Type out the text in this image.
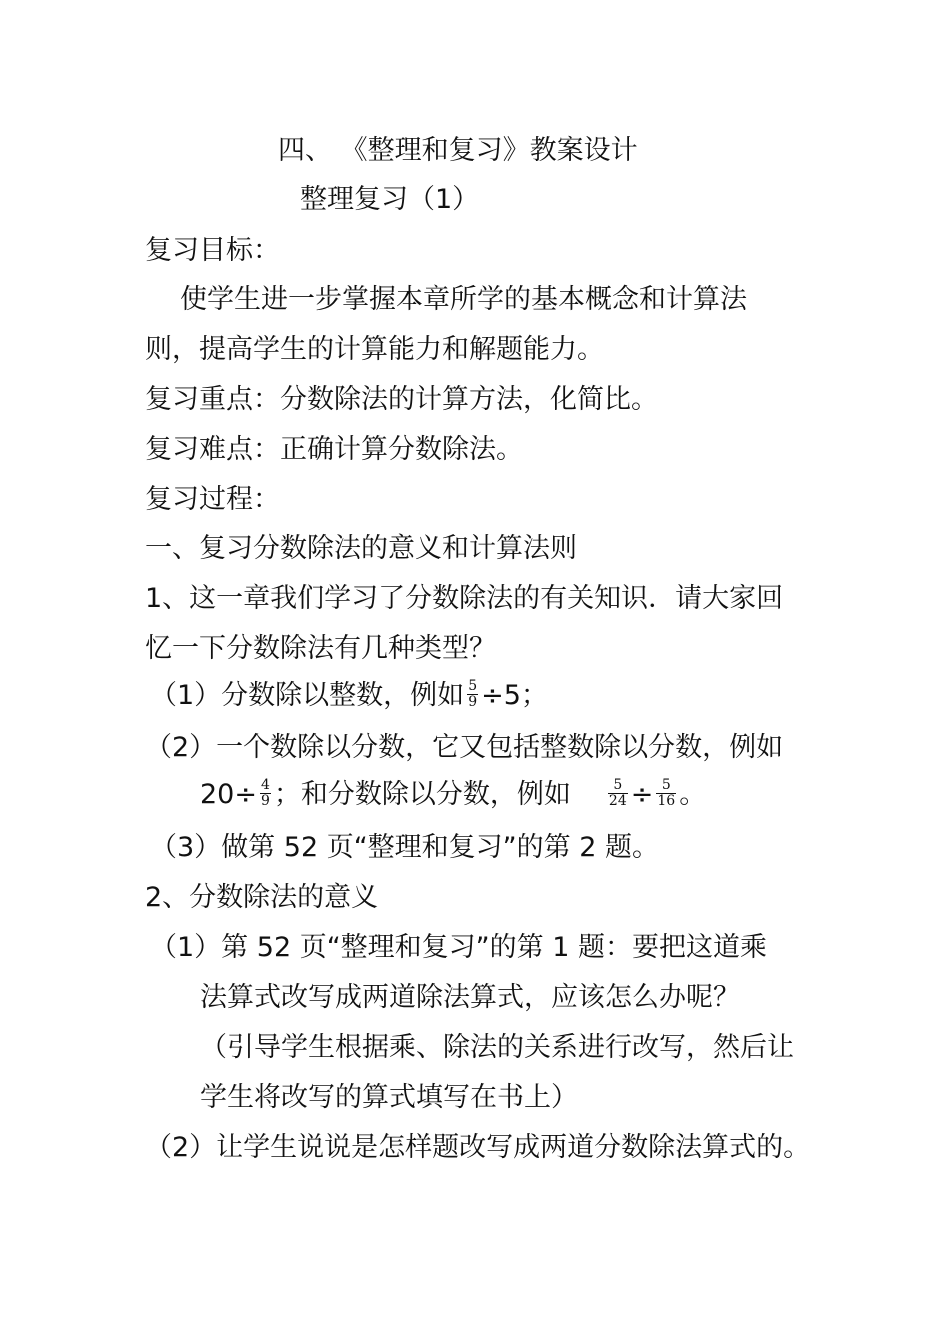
四、 《整理和复习》教案设计
整理复习（1）
复习目标：
使学生进一步掌握本章所学的基本概念和计算法
则，提高学生的计算能力和解题能力。
复习重点：分数除法的计算方法，化简比。
复习难点：正确计算分数除法。
复习过程：
一、复习分数除法的意义和计算法则
1、这一章我们学习了分数除法的有关知识．请大家回
忆一下分数除法有几种类型？
（1）分数除以整数，例如 $\frac{5}{9} \div 5$；
（2）一个数除以分数，它又包括整数除以分数，例如
$20\div \frac{4}{9}$ ；和分数除以分数，例如	$\frac{5}{24} \div \frac{5}{16}$ 。
（3）做第 52 页“整理和复习”的第 2 题。
2、分数除法的意义
（1）第 52 页“整理和复习”的第 1 题：要把这道乘
法算式改写成两道除法算式，应该怎么办呢？
（引导学生根据乘、除法的关系进行改写，然后让
学生将改写的算式填写在书上）
（2）让学生说说是怎样题改写成两道分数除法算式的。
